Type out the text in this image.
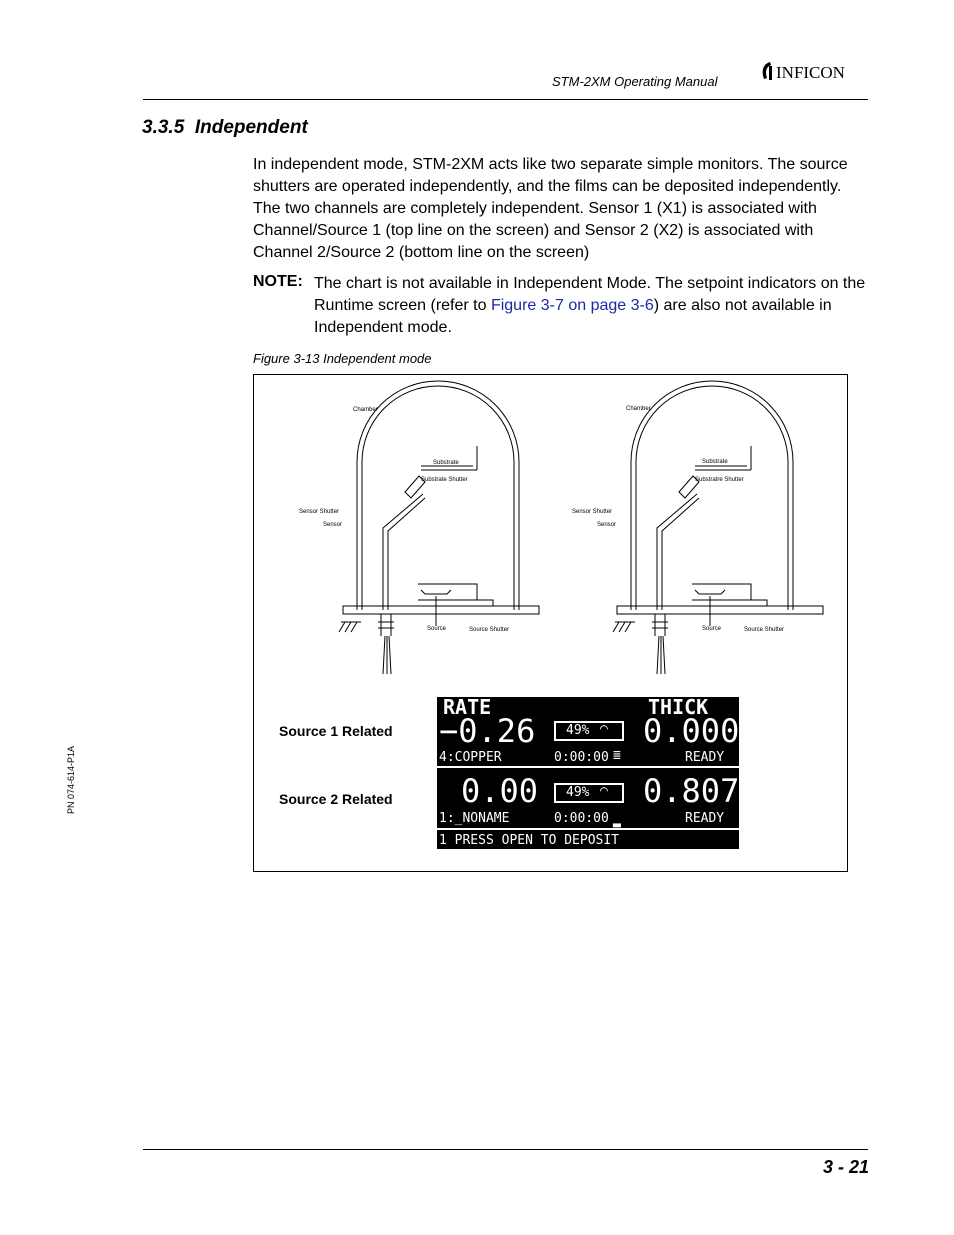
STM-2XM Operating Manual	INFICON
3.3.5 Independent
In independent mode, STM-2XM acts like two separate simple monitors. The source shutters are operated independently, and the films can be deposited independently. The two channels are completely independent. Sensor 1 (X1) is associated with Channel/Source 1 (top line on the screen) and Sensor 2 (X2) is associated with Channel 2/Source 2 (bottom line on the screen)
NOTE: The chart is not available in Independent Mode. The setpoint indicators on the Runtime screen (refer to Figure 3-7 on page 3-6) are also not available in Independent mode.
Figure 3-13 Independent mode
Chamber
Substrate
Substrate Shutter
Sensor Shutter
Sensor
Source	Source Shutter
Chamber
Substrate
Substratre Shutter
Sensor Shutter
Sensor
Source	Source Shutter
Source 1 Related
Source 2 Related
RATE	THICK
−0.26 49% ⌒ 0.000
4:COPPER	0:00:00 ≣	READY
0.00 49% ⌒ 0.807
1:_NONAME	0:00:00 ▂	READY
1 PRESS OPEN TO DEPOSIT
PN 074-614-P1A
3 - 21
